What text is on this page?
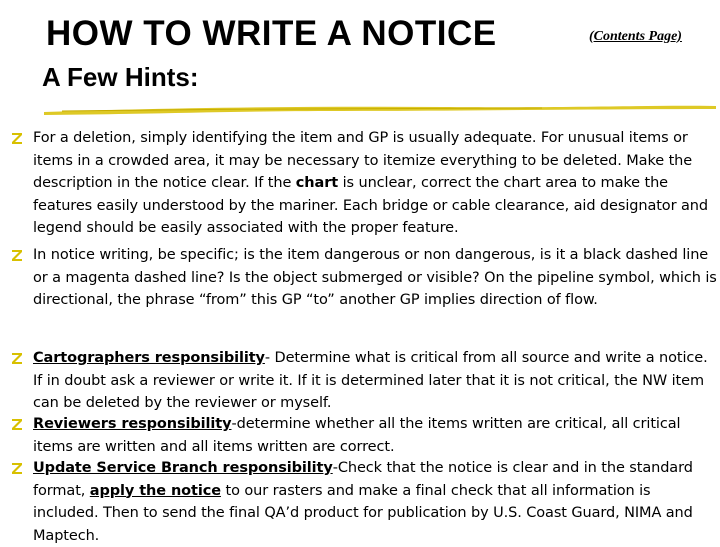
HOW TO WRITE A NOTICE	(Contents Page)
A Few Hints:
For a deletion, simply identifying the item and GP is usually adequate. For unusual items or items in a crowded area, it may be necessary to itemize everything to be deleted. Make the description in the notice clear. If the chart is unclear, correct the chart area to make the features easily understood by the mariner. Each bridge or cable clearance, aid designator and legend should be easily associated with the proper feature.
In notice writing, be specific; is the item dangerous or non dangerous, is it a black dashed line or a magenta dashed line? Is the object submerged or visible? On the pipeline symbol, which is directional, the phrase “from” this GP “to” another GP implies direction of flow.
Cartographers responsibility- Determine what is critical from all source and write a notice. If in doubt ask a reviewer or write it. If it is determined later that it is not critical, the NW item can be deleted by the reviewer or myself.
Reviewers responsibility-determine whether all the items written are critical, all critical items are written and all items written are correct.
Update Service Branch responsibility-Check that the notice is clear and in the standard format, apply the notice to our rasters and make a final check that all information is included. Then to send the final QA’d product for publication by U.S. Coast Guard, NIMA and Maptech.
